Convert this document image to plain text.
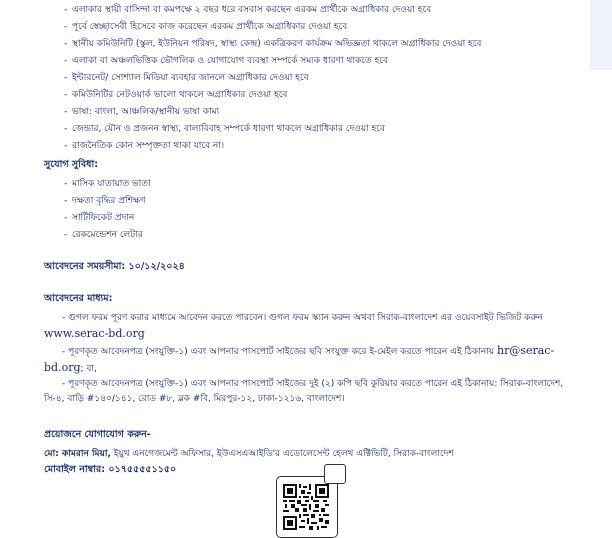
- এলাকার স্থায়ী বাসিন্দা বা কমপক্ষে ২ বছর ধরে বসবাস করছেন এরকম প্রার্থীকে অগ্রাধিকার দেওয়া হবে
- পূর্বে স্বেচ্ছাসেবী হিসেবে কাজ করেছেন এরকম প্রার্থীকে অগ্রাধিকার দেওয়া হবে
- স্থানীয় কমিউনিটি (স্কুল, ইউনিয়ন পরিষদ, স্বাস্থ্য কেন্দ্র) একত্রিকরণ কার্যক্রম অভিজ্ঞতা থাকলে অগ্রাধিকার দেওয়া হবে
- এলাকা বা অঞ্চলভিত্তিক ভৌগলিক ও যোগাযোগ ব্যবস্থা সম্পর্কে সম্যক ধারণা থাকতে হবে
- ইন্টারনেট/ সোশ্যাল মিডিয়া ব্যবহার জানলে অগ্রাধিকার দেওয়া হবে
- কমিউনিটির নেটওয়ার্ক ভালো থাকলে অগ্রাধিকার দেওয়া হবে
- ভাষা: বাংলা, আঞ্চলিক/স্থানীয় ভাষা কাম্য
- জেন্ডার, যৌন ও প্রজনন স্বাস্থ্য, বাল্যবিবাহ সম্পর্কে ধারণা থাকলে অগ্রাধিকার দেওয়া হবে
- রাজনৈতিক কোন সম্পৃক্ততা থাকা যাবে না।
সুযোগ সুবিধা:
- মাসিক যাতায়াত ভাতা
- দক্ষতা বৃদ্ধির প্রশিক্ষণ
- সার্টিফিকেট প্রদান
- রেকমেন্ডেশন লেটার
আবেদনের সময়সীমা: ১০/১২/২০২৪
আবেদনের মাধ্যম:
- গুগল ফরম পূরণ করার মাধ্যমে আবেদন করতে পারবেন। গুগল ফরম স্ক্যান করুন অথবা সিরাক-বাংলাদেশ এর ওয়েবসাইট ভিজিট করুন www.serac-bd.org
- পূরণকৃত আবেদনপত্র (সংযুক্তি-১) এবং আপনার পাসপোর্ট সাইজের ছবি সংযুক্ত করে ই-মেইল করতে পারেন এই ঠিকানায় hr@serac-bd.org; বা,
- পূরণকৃত আবেদনপত্র (সংযুক্তি-১) এবং আপনার পাসপোর্ট সাইজের দুই (২) কপি ছবি কুরিয়ার করতে পারেন এই ঠিকানায়: সিরাক-বাংলাদেশ, সি-৪, বাড়ি #১৪০/১৪১, রোড #৮, ব্লক #বি, মিরপুর-১২, ঢাকা-১২১৬, বাংলাদেশ।
প্রয়োজনে যোগাযোগ করুন-
মো: কামরান মিয়া, ইয়ুথ এনগেজমেন্ট অফিসার, ইউএসএআইডি'র এডোলেসেন্ট হেলথ এক্টিভিটি, সিরাক-বাংলাদেশ
মোবাইল নাম্বার: ০১৭৫৫৫৫১১৫০
